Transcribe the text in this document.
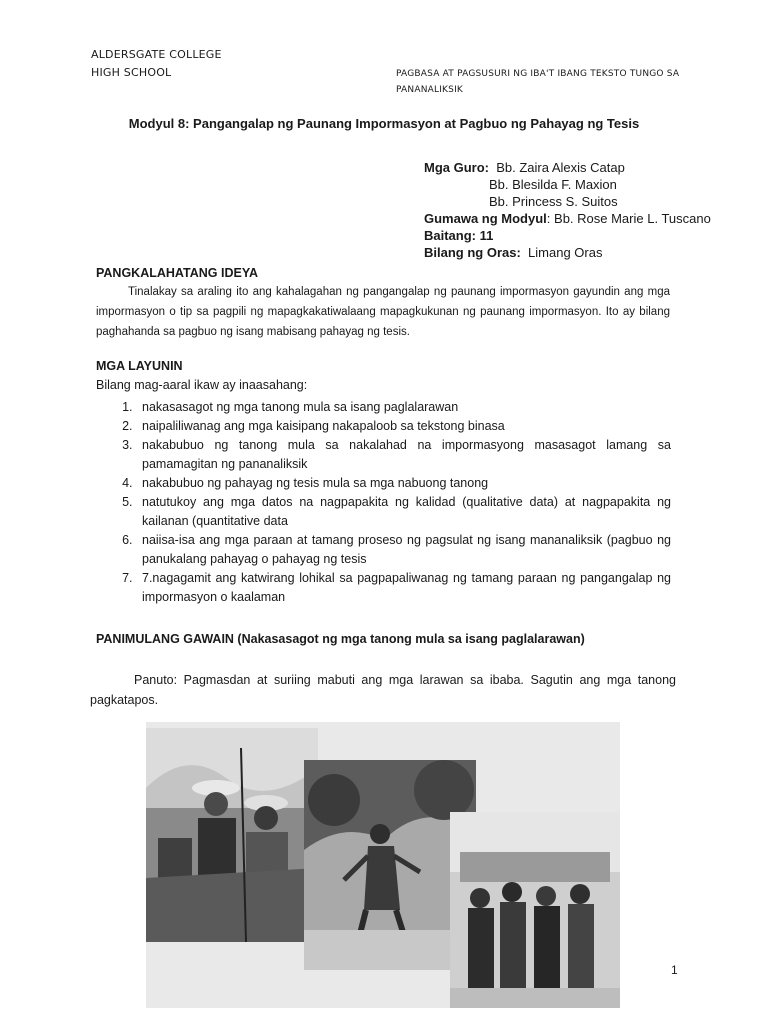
ALDERSGATE COLLEGE
HIGH SCHOOL	PAGBASA AT PAGSUSURI NG IBA'T IBANG TEKSTO TUNGO SA
PANANALIKSIK
Modyul 8: Pangangalap ng Paunang Impormasyon at Pagbuo ng Pahayag ng Tesis
Mga Guro: Bb. Zaira Alexis Catap
Bb. Blesilda F. Maxion
Bb. Princess S. Suitos
Gumawa ng Modyul: Bb. Rose Marie L. Tuscano
Baitang: 11
Bilang ng Oras: Limang Oras
PANGKALAHATANG IDEYA
Tinalakay sa araling ito ang kahalagahan ng pangangalap ng paunang impormasyon gayundin ang mga impormasyon o tip sa pagpili ng mapagkakatiwalaang mapagkukunan ng paunang impormasyon. Ito ay bilang paghahanda sa pagbuo ng isang mabisang pahayag ng tesis.
MGA LAYUNIN
Bilang mag-aaral ikaw ay inaasahang:
1. nakasasagot ng mga tanong mula sa isang paglalarawan
2. naipaliliwanag ang mga kaisipang nakapaloob sa tekstong binasa
3. nakabubuo ng tanong mula sa nakalahad na impormasyong masasagot lamang sa pamamagitan ng pananaliksik
4. nakabubuo ng pahayag ng tesis mula sa mga nabuong tanong
5. natutukoy ang mga datos na nagpapakita ng kalidad (qualitative data) at nagpapakita ng kailanan (quantitative data
6. naiisa-isa ang mga paraan at tamang proseso ng pagsulat ng isang mananaliksik (pagbuo ng panukalang pahayag o pahayag ng tesis
7. 7.nagagamit ang katwirang lohikal sa pagpapaliwanag ng tamang paraan ng pangangalap ng impormasyon o kaalaman
PANIMULANG GAWAIN (Nakasasagot ng mga tanong mula sa isang paglalarawan)
Panuto: Pagmasdan at suriing mabuti ang mga larawan sa ibaba. Sagutin ang mga tanong pagkatapos.
1
